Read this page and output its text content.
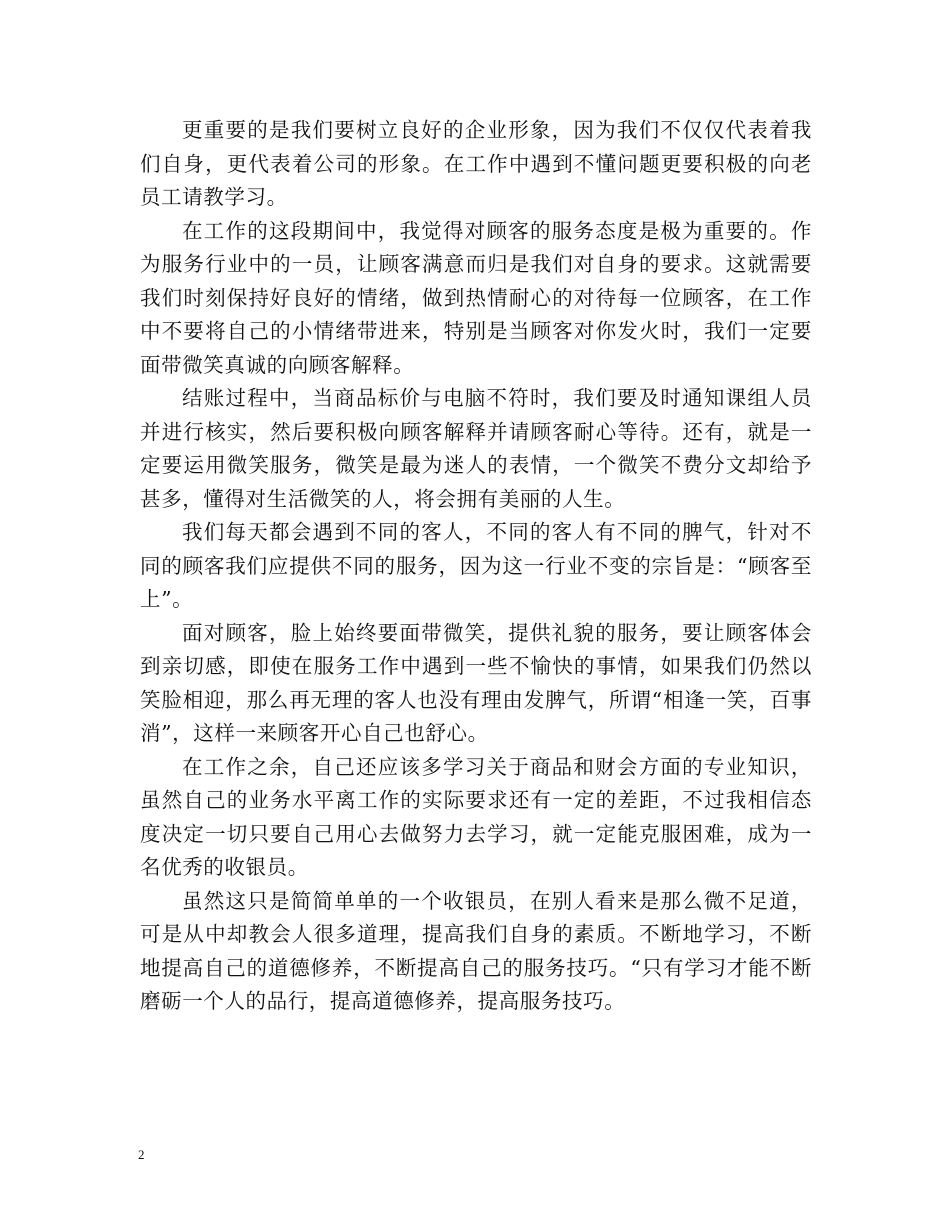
更重要的是我们要树立良好的企业形象，因为我们不仅仅代表着我们自身，更代表着公司的形象。在工作中遇到不懂问题更要积极的向老员工请教学习。

在工作的这段期间中，我觉得对顾客的服务态度是极为重要的。作为服务行业中的一员，让顾客满意而归是我们对自身的要求。这就需要我们时刻保持好良好的情绪，做到热情耐心的对待每一位顾客，在工作中不要将自己的小情绪带进来，特别是当顾客对你发火时，我们一定要面带微笑真诚的向顾客解释。

结账过程中，当商品标价与电脑不符时，我们要及时通知课组人员并进行核实，然后要积极向顾客解释并请顾客耐心等待。还有，就是一定要运用微笑服务，微笑是最为迷人的表情，一个微笑不费分文却给予甚多，懂得对生活微笑的人，将会拥有美丽的人生。

我们每天都会遇到不同的客人，不同的客人有不同的脾气，针对不同的顾客我们应提供不同的服务，因为这一行业不变的宗旨是：“顾客至上”。

面对顾客，脸上始终要面带微笑，提供礼貌的服务，要让顾客体会到亲切感，即使在服务工作中遇到一些不愉快的事情，如果我们仍然以笑脸相迎，那么再无理的客人也没有理由发脾气，所谓“相逢一笑，百事消”，这样一来顾客开心自己也舒心。

在工作之余，自己还应该多学习关于商品和财会方面的专业知识，虽然自己的业务水平离工作的实际要求还有一定的差距，不过我相信态度决定一切只要自己用心去做努力去学习，就一定能克服困难，成为一名优秀的收银员。

虽然这只是简简单单的一个收银员，在别人看来是那么微不足道，可是从中却教会人很多道理，提高我们自身的素质。不断地学习，不断地提高自己的道德修养，不断提高自己的服务技巧。“只有学习才能不断磨砺一个人的品行，提高道德修养，提高服务技巧。

2
